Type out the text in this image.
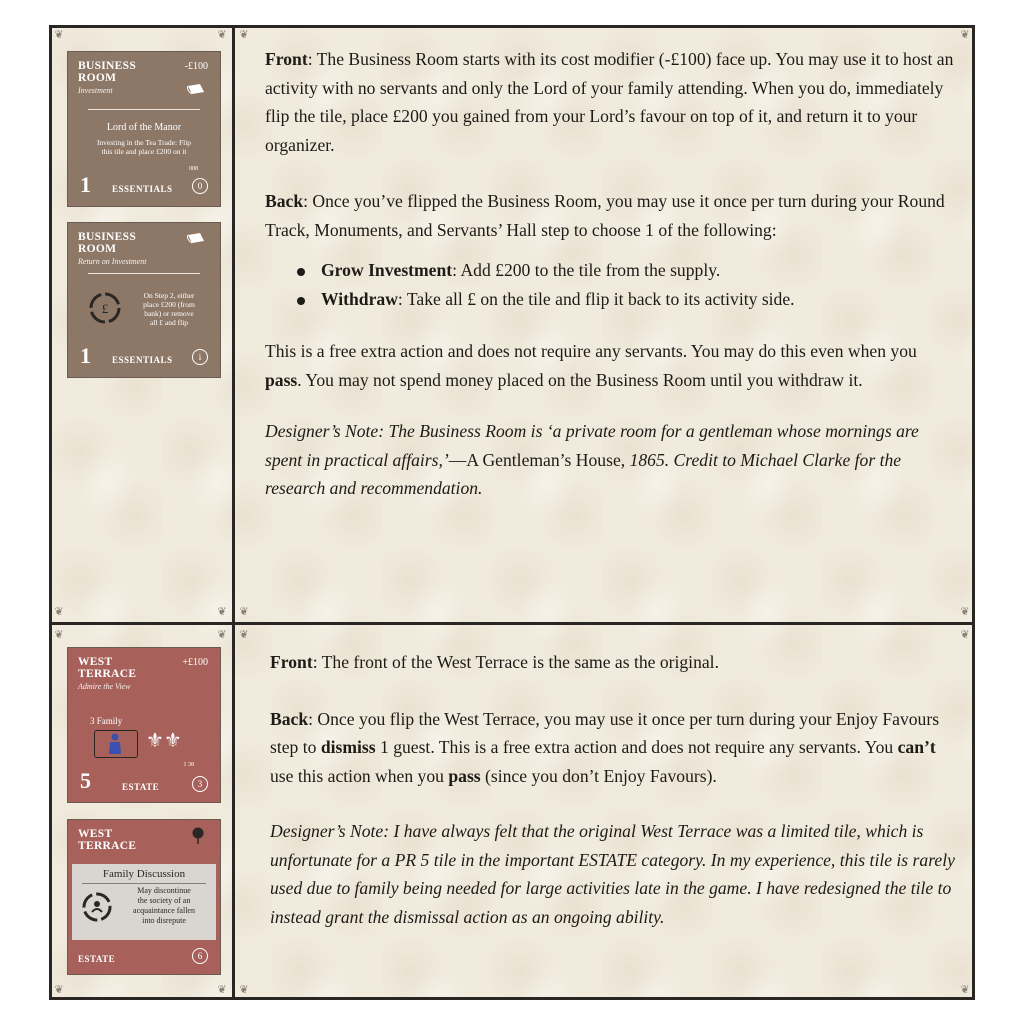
❦	❦ ❦	❦
❦	❦ ❦	❦
❦	❦ ❦	❦
❦	❦ ❦	❦
BUSINESS
ROOM
Investment
-£100
Lord of the Manor
Investing in the Tea Trade: Flip
this tile and place £200 on it
008
1 ESSENTIALS	0
BUSINESS
ROOM
Return on Investment
£
On Step 2, either
place £200 (from
bank) or remove
all £ and flip
1 ESSENTIALS	i

Front: The Business Room starts with its cost modifier (-£100) face up. You may use it to host an activity with no servants and only the Lord of your family attending. When you do, immediately flip the tile, place £200 you gained from your Lord’s favour on top of it, and return it to your organizer.

Back: Once you’ve flipped the Business Room, you may use it once per turn during your Round Track, Monuments, and Servants’ Hall step to choose 1 of the following:

Grow Investment: Add £200 to the tile from the supply.
Withdraw: Take all £ on the tile and flip it back to its activity side.

This is a free extra action and does not require any servants. You may do this even when you pass. You may not spend money placed on the Business Room until you withdraw it.

Designer’s Note: The Business Room is ‘a private room for a gentleman whose mornings are spent in practical affairs,’—A Gentleman’s House, 1865. Credit to Michael Clarke for the research and recommendation.

WEST
TERRACE
Admire the View
+£100
3 Family
⚜⚜
1 38
5	ESTATE	3
WEST
TERRACE
Family Discussion
May discontinue
the society of an
acquaintance fallen
into disrepute
ESTATE	6

Front: The front of the West Terrace is the same as the original.

Back: Once you flip the West Terrace, you may use it once per turn during your Enjoy Favours step to dismiss 1 guest. This is a free extra action and does not require any servants. You can’t use this action when you pass (since you don’t Enjoy Favours).

Designer’s Note: I have always felt that the original West Terrace was a limited tile, which is unfortunate for a PR 5 tile in the important ESTATE category. In my experience, this tile is rarely used due to family being needed for large activities late in the game. I have redesigned the tile to instead grant the dismissal action as an ongoing ability.
